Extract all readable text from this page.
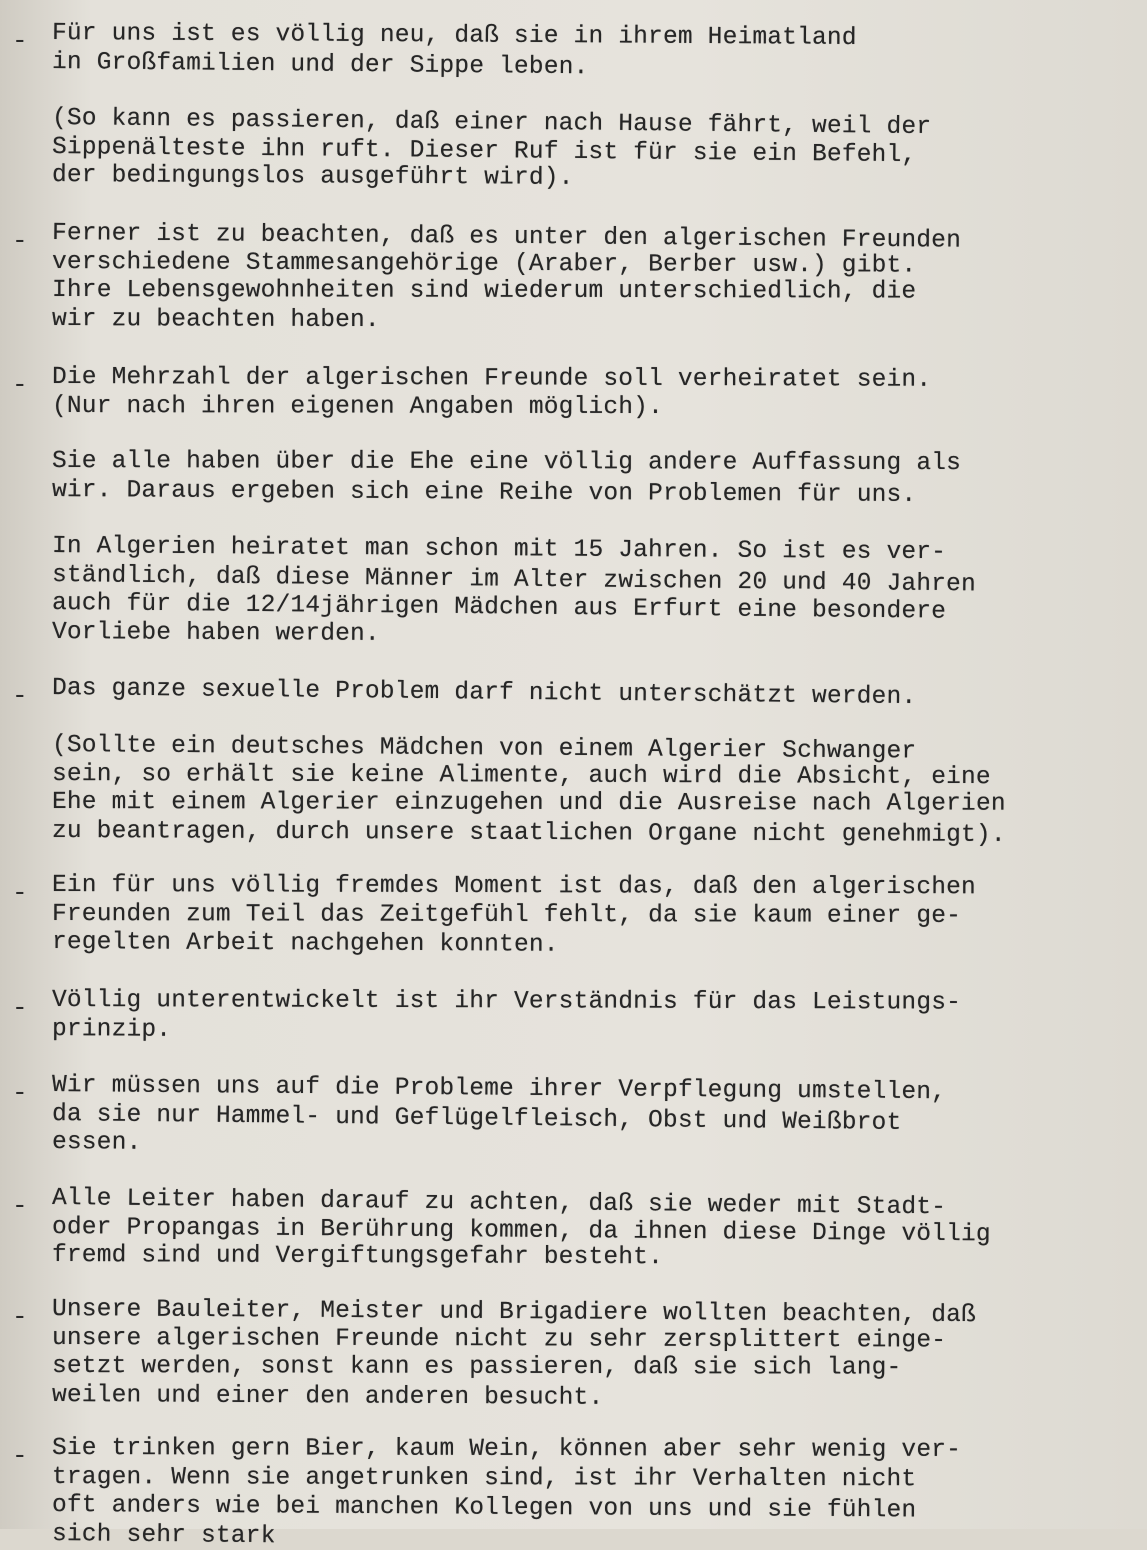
- Für uns ist es völlig neu, daß sie in ihrem Heimatland
in Großfamilien und der Sippe leben.
(So kann es passieren, daß einer nach Hause fährt, weil der
Sippenälteste ihn ruft. Dieser Ruf ist für sie ein Befehl,
der bedingungslos ausgeführt wird).
- Ferner ist zu beachten, daß es unter den algerischen Freunden
verschiedene Stammesangehörige (Araber, Berber usw.) gibt.
Ihre Lebensgewohnheiten sind wiederum unterschiedlich, die
wir zu beachten haben.
- Die Mehrzahl der algerischen Freunde soll verheiratet sein.
(Nur nach ihren eigenen Angaben möglich).
Sie alle haben über die Ehe eine völlig andere Auffassung als
wir. Daraus ergeben sich eine Reihe von Problemen für uns.
In Algerien heiratet man schon mit 15 Jahren. So ist es ver-
ständlich, daß diese Männer im Alter zwischen 20 und 40 Jahren
auch für die 12/14jährigen Mädchen aus Erfurt eine besondere
Vorliebe haben werden.
- Das ganze sexuelle Problem darf nicht unterschätzt werden.
(Sollte ein deutsches Mädchen von einem Algerier Schwanger
sein, so erhält sie keine Alimente, auch wird die Absicht, eine
Ehe mit einem Algerier einzugehen und die Ausreise nach Algerien
zu beantragen, durch unsere staatlichen Organe nicht genehmigt).
- Ein für uns völlig fremdes Moment ist das, daß den algerischen
Freunden zum Teil das Zeitgefühl fehlt, da sie kaum einer ge-
regelten Arbeit nachgehen konnten.
- Völlig unterentwickelt ist ihr Verständnis für das Leistungs-
prinzip.
- Wir müssen uns auf die Probleme ihrer Verpflegung umstellen,
da sie nur Hammel- und Geflügelfleisch, Obst und Weißbrot
essen.
- Alle Leiter haben darauf zu achten, daß sie weder mit Stadt-
oder Propangas in Berührung kommen, da ihnen diese Dinge völlig
fremd sind und Vergiftungsgefahr besteht.
- Unsere Bauleiter, Meister und Brigadiere wollten beachten, daß
unsere algerischen Freunde nicht zu sehr zersplittert einge-
setzt werden, sonst kann es passieren, daß sie sich lang-
weilen und einer den anderen besucht.
- Sie trinken gern Bier, kaum Wein, können aber sehr wenig ver-
tragen. Wenn sie angetrunken sind, ist ihr Verhalten nicht
oft anders wie bei manchen Kollegen von uns und sie fühlen
sich sehr stark
